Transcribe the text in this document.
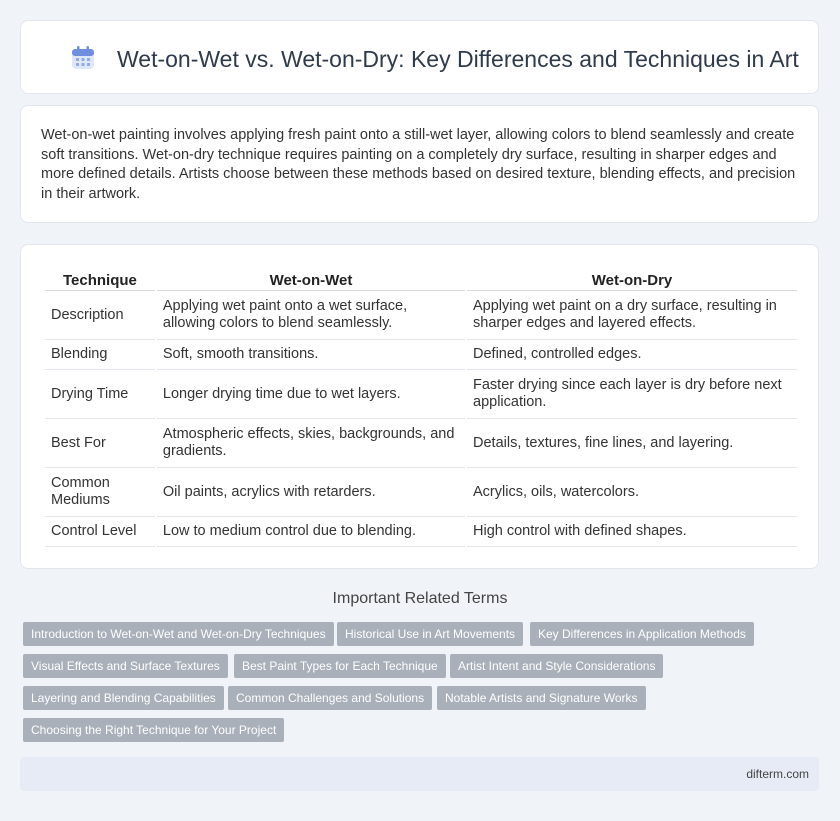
Wet-on-Wet vs. Wet-on-Dry: Key Differences and Techniques in Art

Wet-on-wet painting involves applying fresh paint onto a still-wet layer, allowing colors to blend seamlessly and create soft transitions. Wet-on-dry technique requires painting on a completely dry surface, resulting in sharper edges and more defined details. Artists choose between these methods based on desired texture, blending effects, and precision in their artwork.

Technique	Wet-on-Wet	Wet-on-Dry
Description	Applying wet paint onto a wet surface, allowing colors to blend seamlessly.	Applying wet paint on a dry surface, resulting in sharper edges and layered effects.
Blending	Soft, smooth transitions.	Defined, controlled edges.
Drying Time	Longer drying time due to wet layers.	Faster drying since each layer is dry before next application.
Best For	Atmospheric effects, skies, backgrounds, and gradients.	Details, textures, fine lines, and layering.
Common Mediums	Oil paints, acrylics with retarders.	Acrylics, oils, watercolors.
Control Level	Low to medium control due to blending.	High control with defined shapes.
Important Related Terms
Introduction to Wet-on-Wet and Wet-on-Dry Techniques	Historical Use in Art Movements	Key Differences in Application Methods
Visual Effects and Surface Textures	Best Paint Types for Each Technique	Artist Intent and Style Considerations
Layering and Blending Capabilities	Common Challenges and Solutions	Notable Artists and Signature Works
Choosing the Right Technique for Your Project
difterm.com
